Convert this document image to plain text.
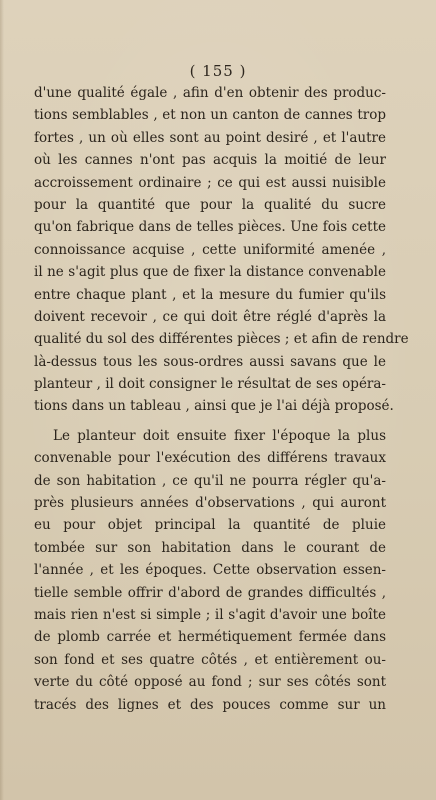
( 155 )
d'une qualité égale , afin d'en obtenir des produc-
tions semblables , et non un canton de cannes trop
fortes , un où elles sont au point desiré , et l'autre
où les cannes n'ont pas acquis la moitié de leur
accroissement ordinaire ; ce qui est aussi nuisible
pour la quantité que pour la qualité du sucre
qu'on fabrique dans de telles pièces. Une fois cette
connoissance acquise , cette uniformité amenée ,
il ne s'agit plus que de fixer la distance convenable
entre chaque plant , et la mesure du fumier qu'ils
doivent recevoir , ce qui doit être réglé d'après la
qualité du sol des différentes pièces ; et afin de rendre
là-dessus tous les sous-ordres aussi savans que le
planteur , il doit consigner le résultat de ses opéra-
tions dans un tableau , ainsi que je l'ai déjà proposé.
Le planteur doit ensuite fixer l'époque la plus
convenable pour l'exécution des différens travaux
de son habitation , ce qu'il ne pourra régler qu'a-
près plusieurs années d'observations , qui auront
eu pour objet principal la quantité de pluie
tombée sur son habitation dans le courant de
l'année , et les époques. Cette observation essen-
tielle semble offrir d'abord de grandes difficultés ,
mais rien n'est si simple ; il s'agit d'avoir une boîte
de plomb carrée et hermétiquement fermée dans
son fond et ses quatre côtés , et entièrement ou-
verte du côté opposé au fond ; sur ses côtés sont
tracés des lignes et des pouces comme sur un
